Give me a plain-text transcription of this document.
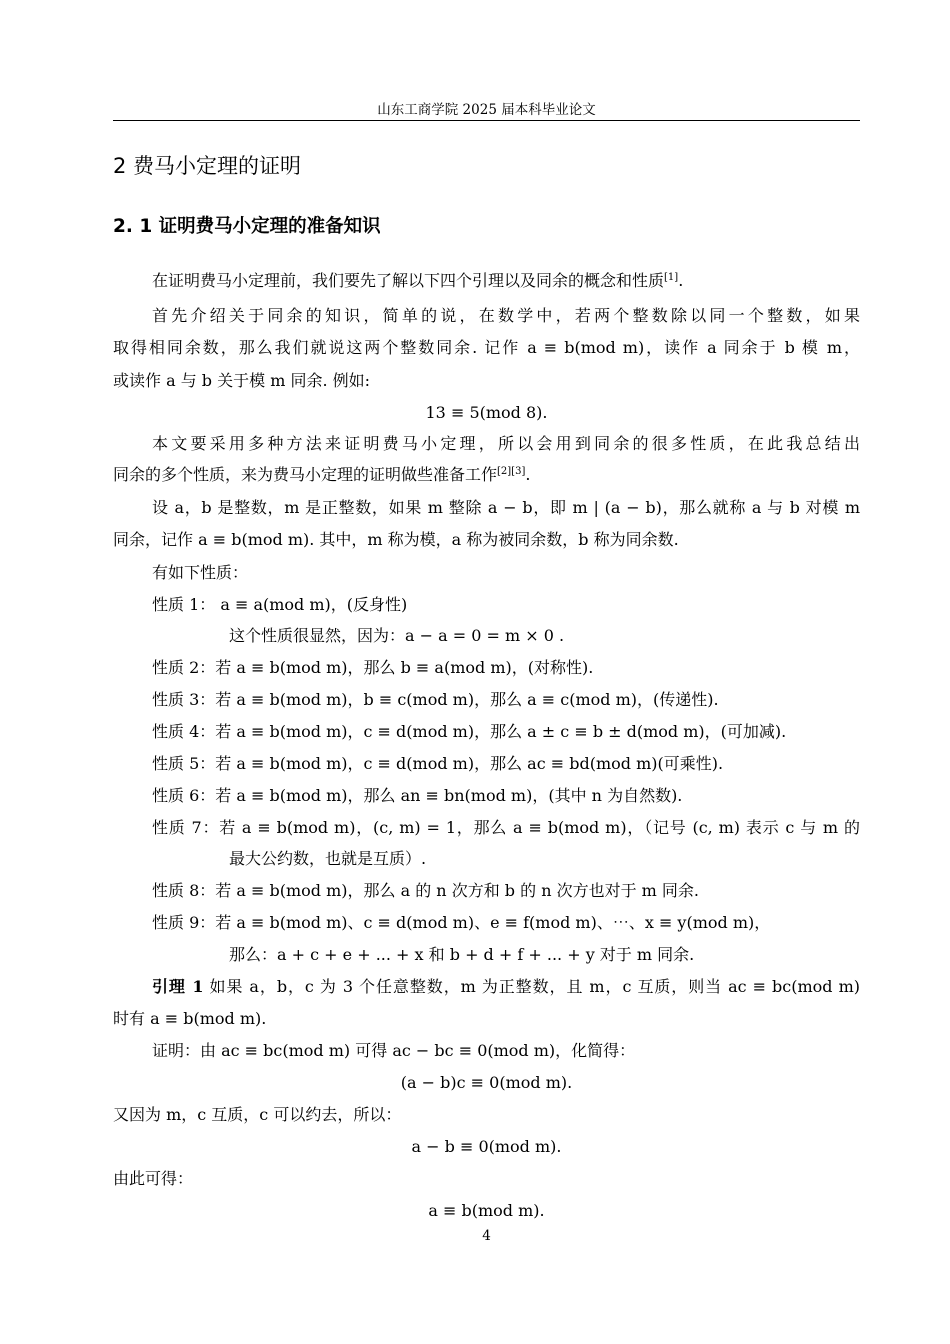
山东工商学院 2025 届本科毕业论文
2 费马小定理的证明
2. 1 证明费马小定理的准备知识
在证明费马小定理前，我们要先了解以下四个引理以及同余的概念和性质[1].
首先介绍关于同余的知识，简单的说，在数学中，若两个整数除以同一个整数，如果
取得相同余数，那么我们就说这两个整数同余. 记作 a ≡ b(mod m)，读作 a 同余于 b 模 m，
或读作 a 与 b 关于模 m 同余. 例如:
13 ≡ 5(mod 8).
本文要采用多种方法来证明费马小定理，所以会用到同余的很多性质，在此我总结出
同余的多个性质，来为费马小定理的证明做些准备工作[2][3].
设 a，b 是整数，m 是正整数，如果 m 整除 a − b，即 m | (a − b)，那么就称 a 与 b 对模 m
同余，记作 a ≡ b(mod m). 其中，m 称为模，a 称为被同余数，b 称为同余数.
有如下性质：
性质 1： a ≡ a(mod m)，(反身性)
这个性质很显然，因为：a − a = 0 = m × 0 .
性质 2：若 a ≡ b(mod m)，那么 b ≡ a(mod m)，(对称性).
性质 3：若 a ≡ b(mod m)，b ≡ c(mod m)，那么 a ≡ c(mod m)，(传递性).
性质 4：若 a ≡ b(mod m)，c ≡ d(mod m)，那么 a ± c ≡ b ± d(mod m)，(可加减).
性质 5：若 a ≡ b(mod m)，c ≡ d(mod m)，那么 ac ≡ bd(mod m)(可乘性).
性质 6：若 a ≡ b(mod m)，那么 an ≡ bn(mod m)，(其中 n 为自然数).
性质 7：若 a ≡ b(mod m)，(c, m) = 1，那么 a ≡ b(mod m)，（记号 (c, m) 表示 c 与 m 的
最大公约数，也就是互质）.
性质 8：若 a ≡ b(mod m)，那么 a 的 n 次方和 b 的 n 次方也对于 m 同余.
性质 9：若 a ≡ b(mod m)、c ≡ d(mod m)、e ≡ f(mod m)、⋯、x ≡ y(mod m)，
那么：a + c + e + ... + x 和 b + d + f + ... + y 对于 m 同余.
引理 1 如果 a，b，c 为 3 个任意整数，m 为正整数，且 m，c 互质，则当 ac ≡ bc(mod m)
时有 a ≡ b(mod m).
证明：由 ac ≡ bc(mod m) 可得 ac − bc ≡ 0(mod m)，化简得：
(a − b)c ≡ 0(mod m).
又因为 m，c 互质，c 可以约去，所以：
a − b ≡ 0(mod m).
由此可得：
a ≡ b(mod m).
4
